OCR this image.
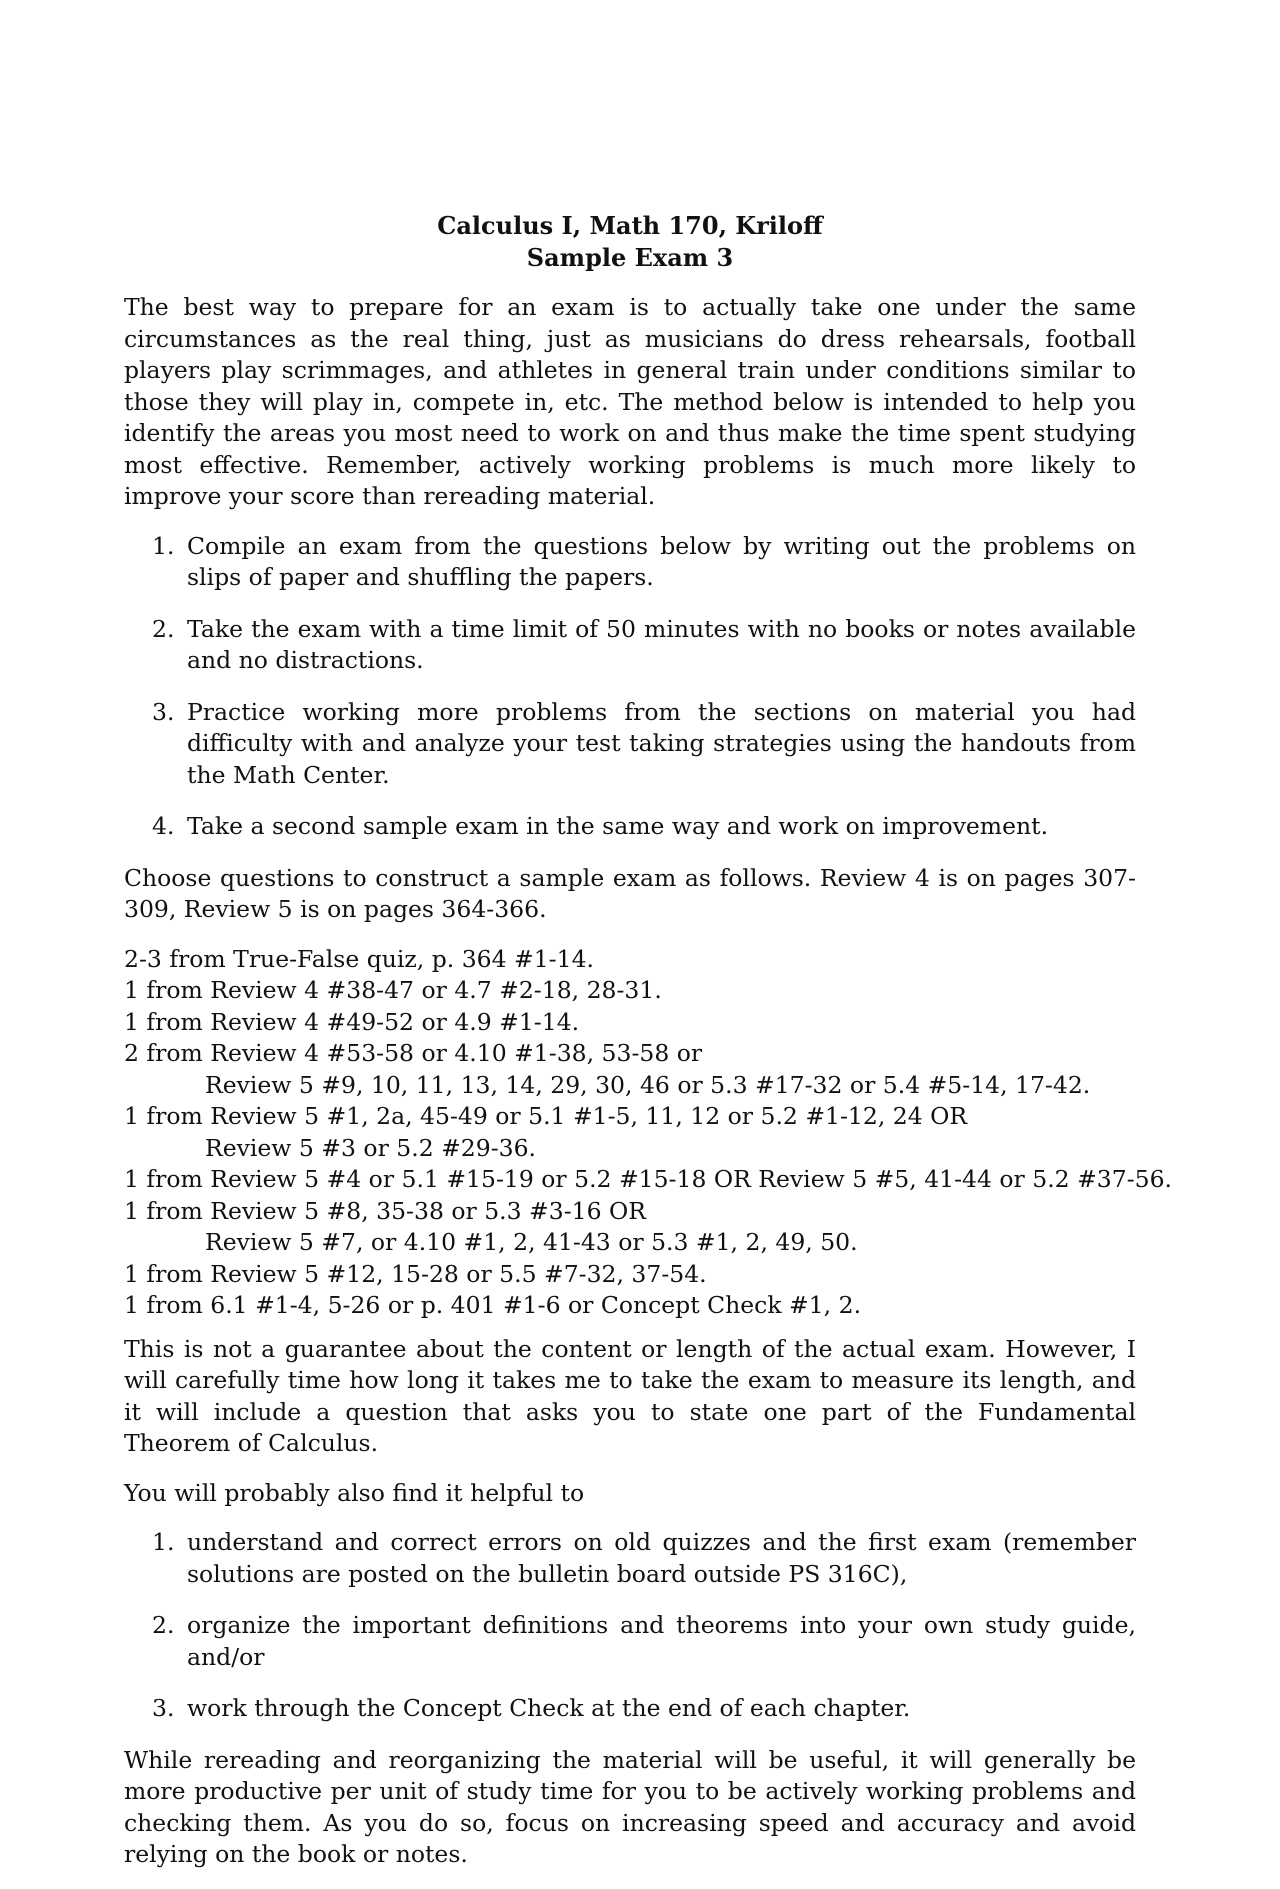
Calculus I, Math 170, Kriloff
Sample Exam 3

The best way to prepare for an exam is to actually take one under the same circumstances as the real thing, just as musicians do dress rehearsals, football players play scrimmages, and athletes in general train under conditions similar to those they will play in, compete in, etc. The method below is intended to help you identify the areas you most need to work on and thus make the time spent studying most effective. Remember, actively working problems is much more likely to improve your score than rereading material.

1. Compile an exam from the questions below by writing out the problems on slips of paper and shuffling the papers.
2. Take the exam with a time limit of 50 minutes with no books or notes available and no distractions.
3. Practice working more problems from the sections on material you had difficulty with and analyze your test taking strategies using the handouts from the Math Center.
4. Take a second sample exam in the same way and work on improvement.

Choose questions to construct a sample exam as follows. Review 4 is on pages 307-309, Review 5 is on pages 364-366.

2-3 from True-False quiz, p. 364 #1-14.
1 from Review 4 #38-47 or 4.7 #2-18, 28-31.
1 from Review 4 #49-52 or 4.9 #1-14.
2 from Review 4 #53-58 or 4.10 #1-38, 53-58 or
Review 5 #9, 10, 11, 13, 14, 29, 30, 46 or 5.3 #17-32 or 5.4 #5-14, 17-42.
1 from Review 5 #1, 2a, 45-49 or 5.1 #1-5, 11, 12 or 5.2 #1-12, 24 OR
Review 5 #3 or 5.2 #29-36.
1 from Review 5 #4 or 5.1 #15-19 or 5.2 #15-18 OR Review 5 #5, 41-44 or 5.2 #37-56.
1 from Review 5 #8, 35-38 or 5.3 #3-16 OR
Review 5 #7, or 4.10 #1, 2, 41-43 or 5.3 #1, 2, 49, 50.
1 from Review 5 #12, 15-28 or 5.5 #7-32, 37-54.
1 from 6.1 #1-4, 5-26 or p. 401 #1-6 or Concept Check #1, 2.

This is not a guarantee about the content or length of the actual exam. However, I will carefully time how long it takes me to take the exam to measure its length, and it will include a question that asks you to state one part of the Fundamental Theorem of Calculus.

You will probably also find it helpful to

1. understand and correct errors on old quizzes and the first exam (remember solutions are posted on the bulletin board outside PS 316C),
2. organize the important definitions and theorems into your own study guide, and/or
3. work through the Concept Check at the end of each chapter.

While rereading and reorganizing the material will be useful, it will generally be more productive per unit of study time for you to be actively working problems and checking them. As you do so, focus on increasing speed and accuracy and avoid relying on the book or notes.
